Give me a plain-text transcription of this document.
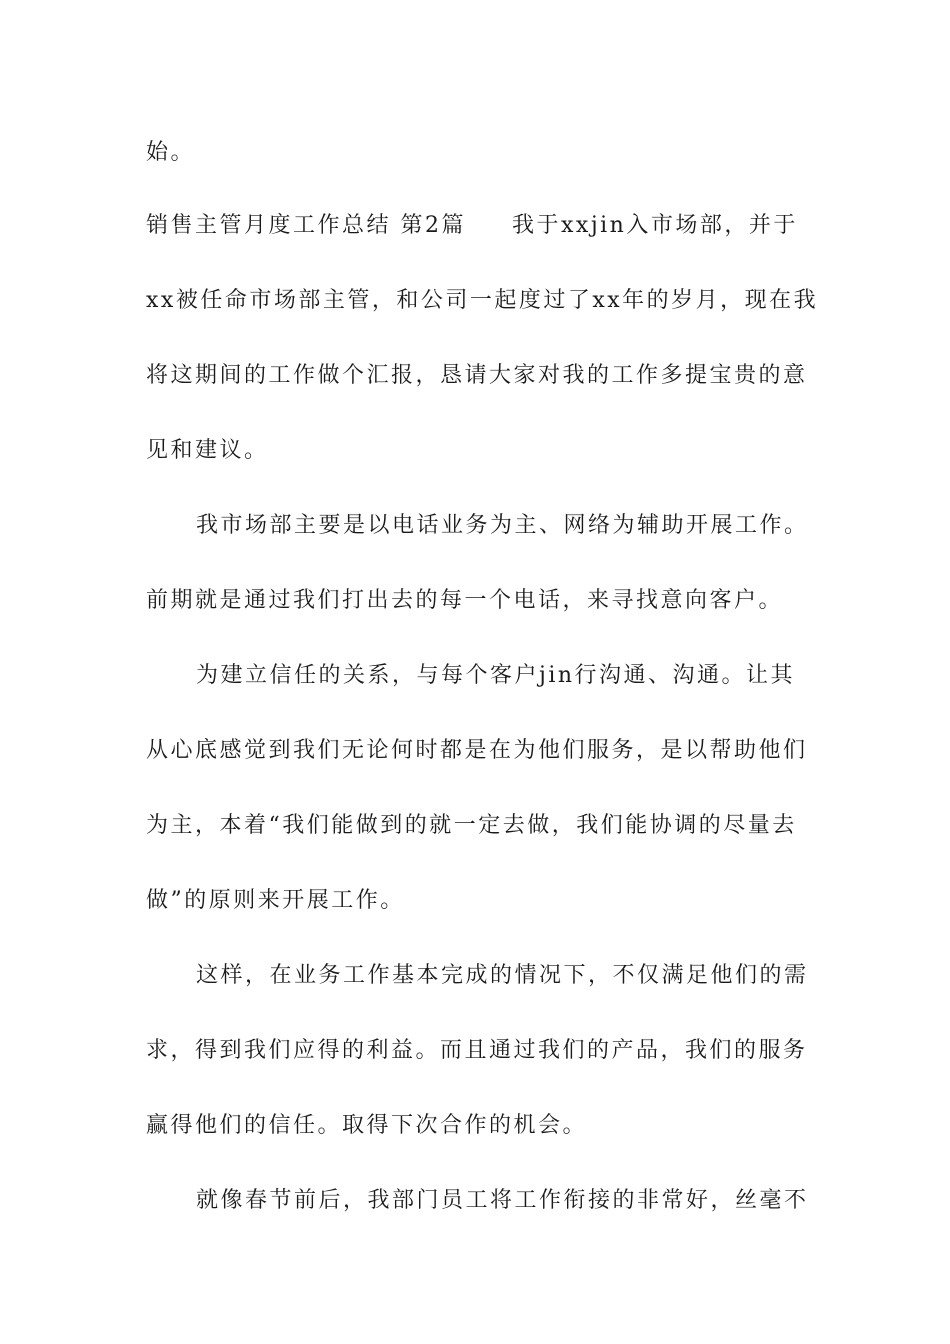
始。
销售主管月度工作总结 第2篇 我于xxjin入市场部，并于
xx被任命市场部主管，和公司一起度过了xx年的岁月，现在我
将这期间的工作做个汇报，恳请大家对我的工作多提宝贵的意
见和建议。
我市场部主要是以电话业务为主、网络为辅助开展工作。
前期就是通过我们打出去的每一个电话，来寻找意向客户。
为建立信任的关系，与每个客户jin行沟通、沟通。让其
从心底感觉到我们无论何时都是在为他们服务，是以帮助他们
为主，本着“我们能做到的就一定去做，我们能协调的尽量去
做”的原则来开展工作。
这样，在业务工作基本完成的情况下，不仅满足他们的需
求，得到我们应得的利益。而且通过我们的产品，我们的服务
赢得他们的信任。取得下次合作的机会。
就像春节前后，我部门员工将工作衔接的非常好，丝毫不
